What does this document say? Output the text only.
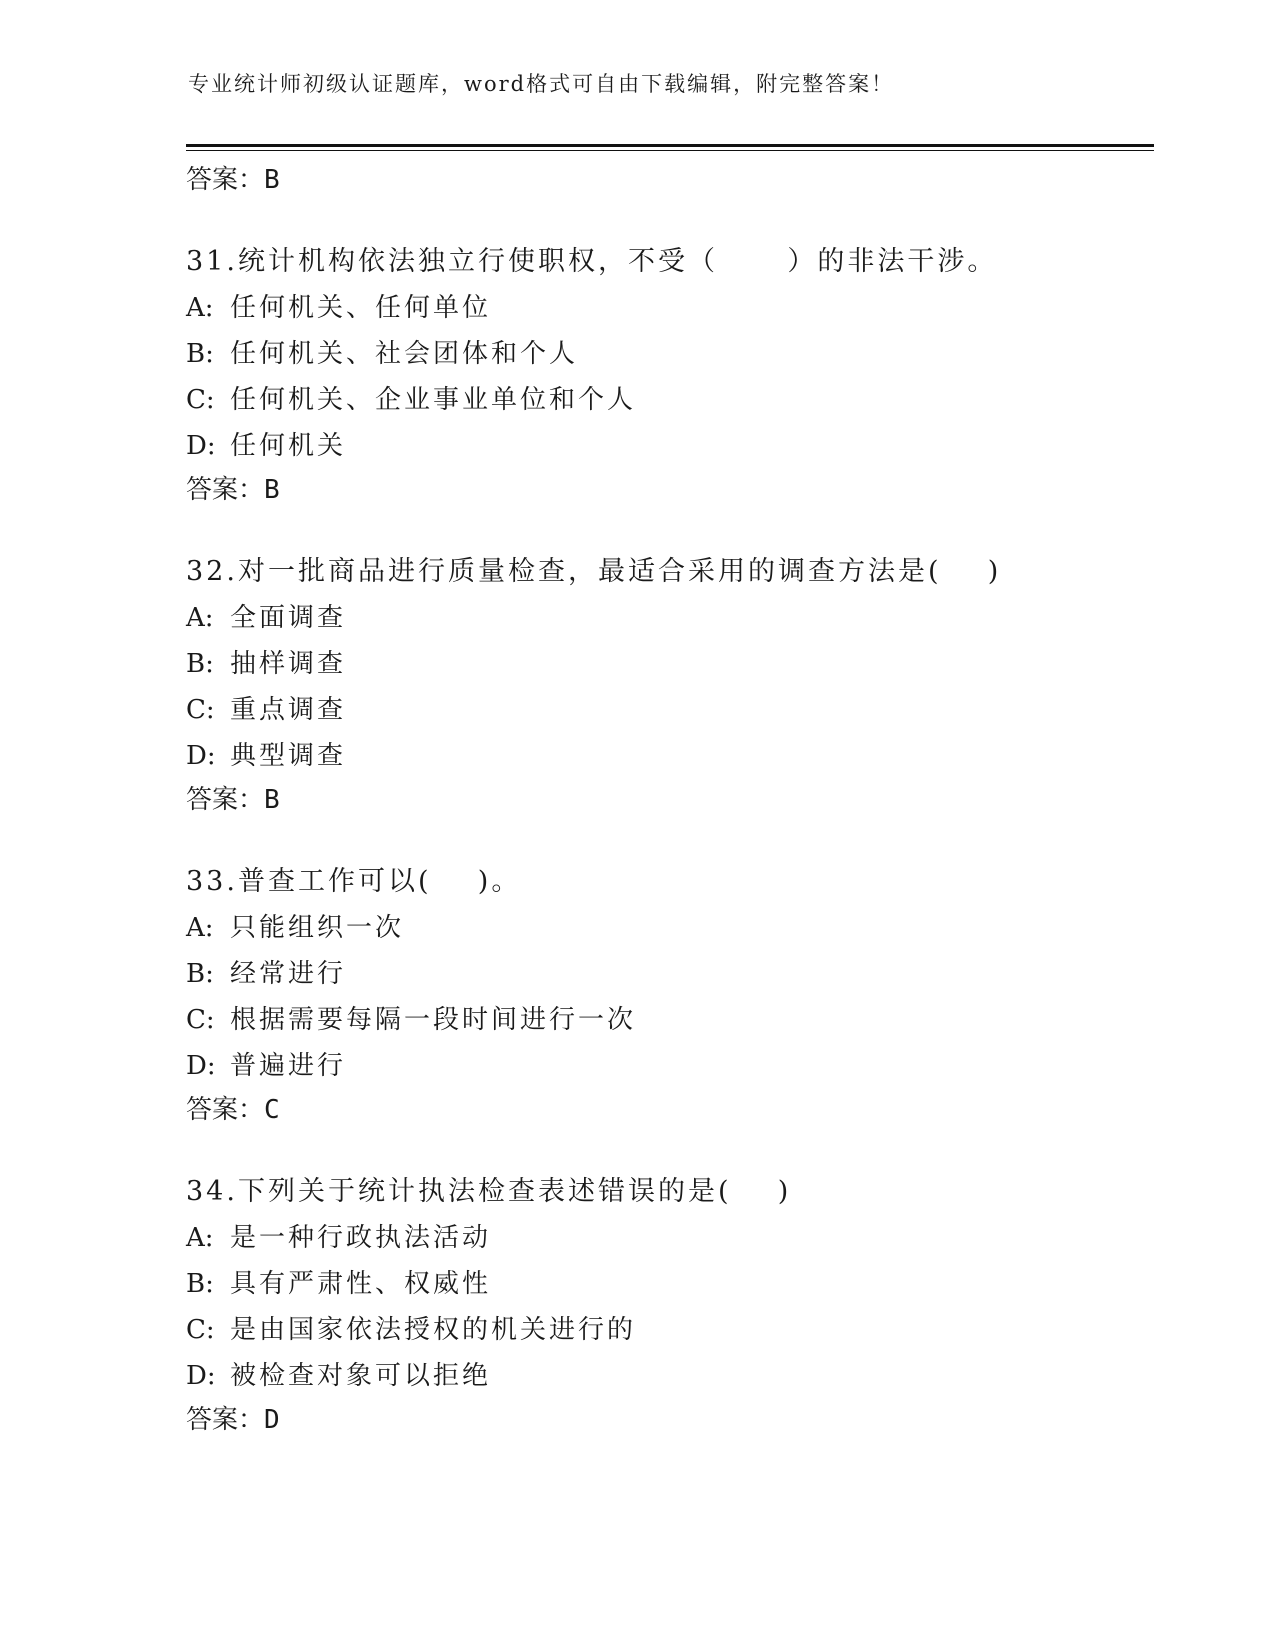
专业统计师初级认证题库，word格式可自由下载编辑，附完整答案！
答案：B
31.统计机构依法独立行使职权，不受（      ）的非法干涉。
A: 任何机关、任何单位
B: 任何机关、社会团体和个人
C: 任何机关、企业事业单位和个人
D: 任何机关
答案：B
32.对一批商品进行质量检查，最适合采用的调查方法是(    )
A: 全面调查
B: 抽样调查
C: 重点调查
D: 典型调查
答案：B
33.普查工作可以(    )。
A: 只能组织一次
B: 经常进行
C: 根据需要每隔一段时间进行一次
D: 普遍进行
答案：C
34.下列关于统计执法检查表述错误的是(    )
A: 是一种行政执法活动
B: 具有严肃性、权威性
C: 是由国家依法授权的机关进行的
D: 被检查对象可以拒绝
答案：D
